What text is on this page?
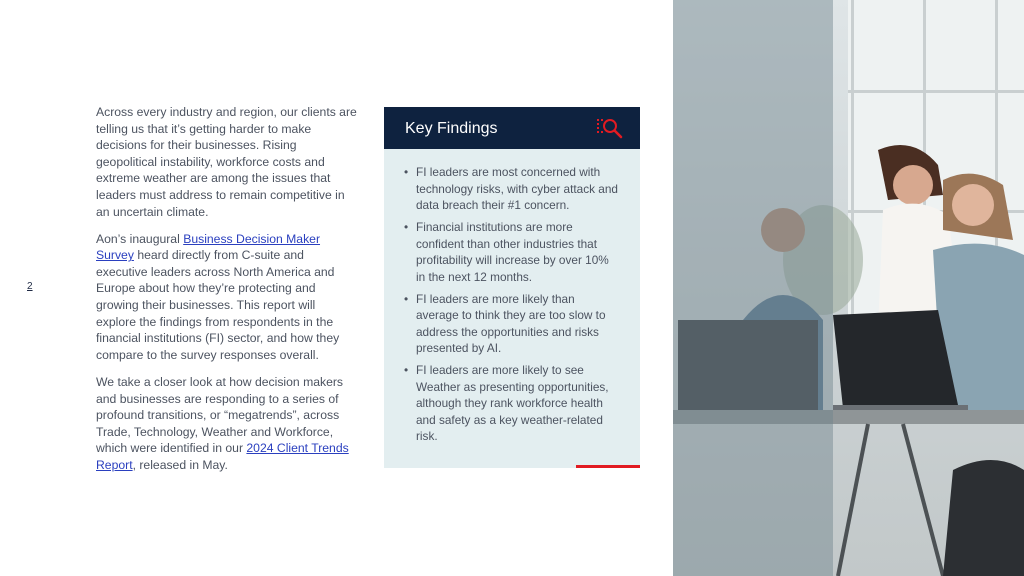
2

Across every industry and region, our clients are telling us that it’s getting harder to make decisions for their businesses. Rising geopolitical instability, workforce costs and extreme weather are among the issues that leaders must address to remain competitive in an uncertain climate.

Aon’s inaugural Business Decision Maker Survey heard directly from C-suite and executive leaders across North America and Europe about how they’re protecting and growing their businesses. This report will explore the findings from respondents in the financial institutions (FI) sector, and how they compare to the survey responses overall.

We take a closer look at how decision makers and businesses are responding to a series of profound transitions, or “megatrends”, across Trade, Technology, Weather and Workforce, which were identified in our 2024 Client Trends Report, released in May.

Key Findings
• FI leaders are most concerned with technology risks, with cyber attack and data breach their #1 concern.
• Financial institutions are more confident than other industries that profitability will increase by over 10% in the next 12 months.
• FI leaders are more likely than average to think they are too slow to address the opportunities and risks presented by AI.
• FI leaders are more likely to see Weather as presenting opportunities, although they rank workforce health and safety as a key weather-related risk.
